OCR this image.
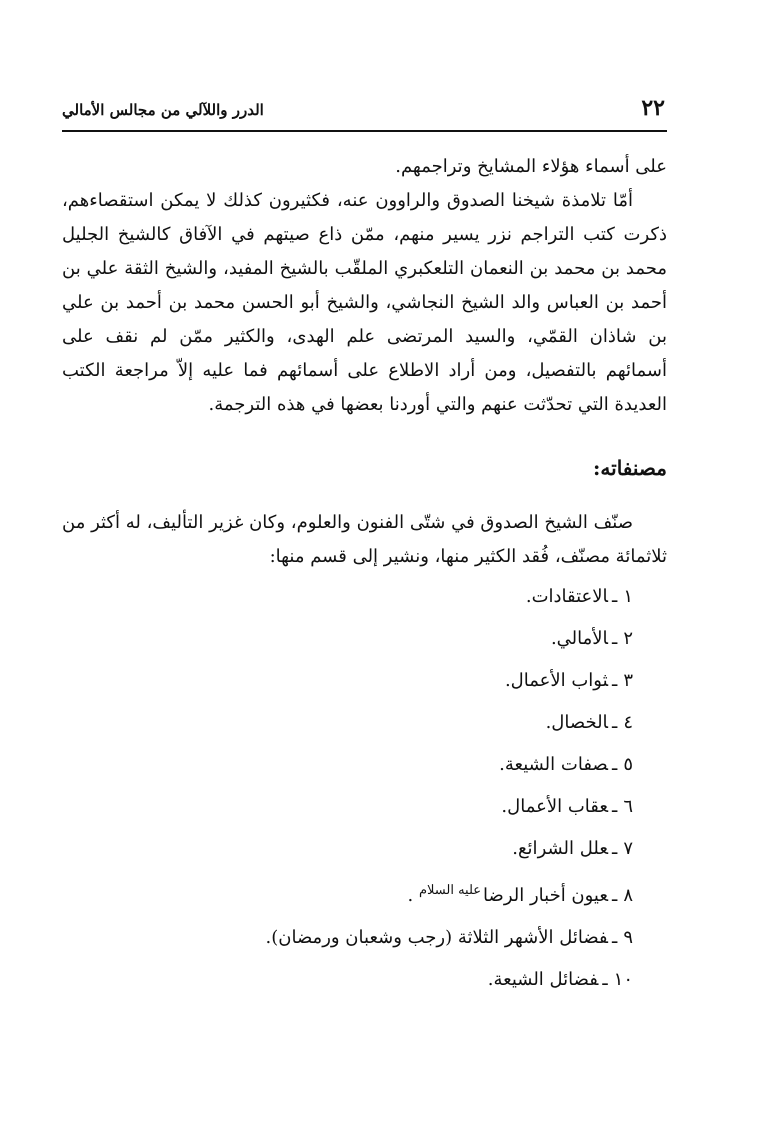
٢٢
الدرر واللآلي من مجالس الأمالي

على أسماء هؤلاء المشايخ وتراجمهم.

أمّا تلامذة شيخنا الصدوق والراوون عنه، فكثيرون كذلك لا يمكن استقصاءهم، ذكرت كتب التراجم نزر يسير منهم، ممّن ذاع صيتهم في الآفاق كالشيخ الجليل محمد بن محمد بن النعمان التلعكبري الملقّب بالشيخ المفيد، والشيخ الثقة علي بن أحمد بن العباس والد الشيخ النجاشي، والشيخ أبو الحسن محمد بن أحمد بن علي بن شاذان القمّي، والسيد المرتضى علم الهدى، والكثير ممّن لم نقف على أسمائهم بالتفصيل، ومن أراد الاطلاع على أسمائهم فما عليه إلاّ مراجعة الكتب العديدة التي تحدّثت عنهم والتي أوردنا بعضها في هذه الترجمة.

مصنفاته:

صنّف الشيخ الصدوق في شتّى الفنون والعلوم، وكان غزير التأليف، له أكثر من ثلاثمائة مصنّف، فُقد الكثير منها، ونشير إلى قسم منها:

١ـالاعتقادات.
٢ـالأمالي.
٣ـثواب الأعمال.
٤ـالخصال.
٥ـصفات الشيعة.
٦ـعقاب الأعمال.
٧ـعلل الشرائع.
٨ـعيون أخبار الرضا$^{عليه السلام}$ .
٩ـفضائل الأشهر الثلاثة (رجب وشعبان ورمضان).
١٠ـفضائل الشيعة.
